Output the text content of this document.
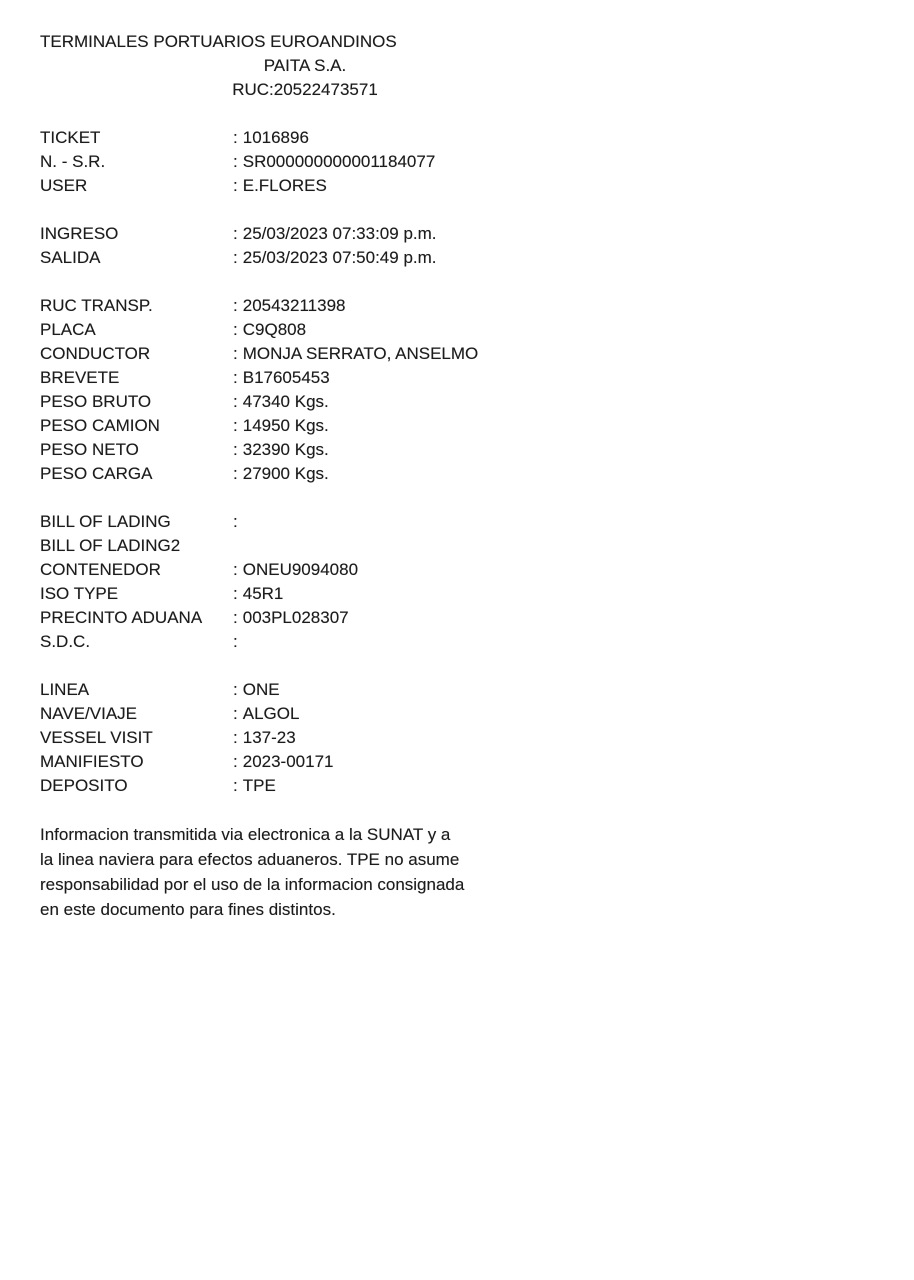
TERMINALES PORTUARIOS EUROANDINOS
PAITA S.A.
RUC:20522473571
TICKET	: 1016896
N. - S.R.	: SR000000000001184077
USER	: E.FLORES
INGRESO	: 25/03/2023 07:33:09 p.m.
SALIDA	: 25/03/2023 07:50:49 p.m.
RUC TRANSP.	: 20543211398
PLACA	: C9Q808
CONDUCTOR	: MONJA SERRATO, ANSELMO
BREVETE	: B17605453
PESO BRUTO	: 47340 Kgs.
PESO CAMION	: 14950 Kgs.
PESO NETO	: 32390 Kgs.
PESO CARGA	: 27900 Kgs.
BILL OF LADING	:
BILL OF LADING2
CONTENEDOR	: ONEU9094080
ISO TYPE	: 45R1
PRECINTO ADUANA	: 003PL028307
S.D.C.	:
LINEA	: ONE
NAVE/VIAJE	: ALGOL
VESSEL VISIT	: 137-23
MANIFIESTO	: 2023-00171
DEPOSITO	: TPE
Informacion transmitida via electronica a la SUNAT y a
la linea naviera para efectos aduaneros. TPE no asume
responsabilidad por el uso de la informacion consignada
en este documento para fines distintos.
